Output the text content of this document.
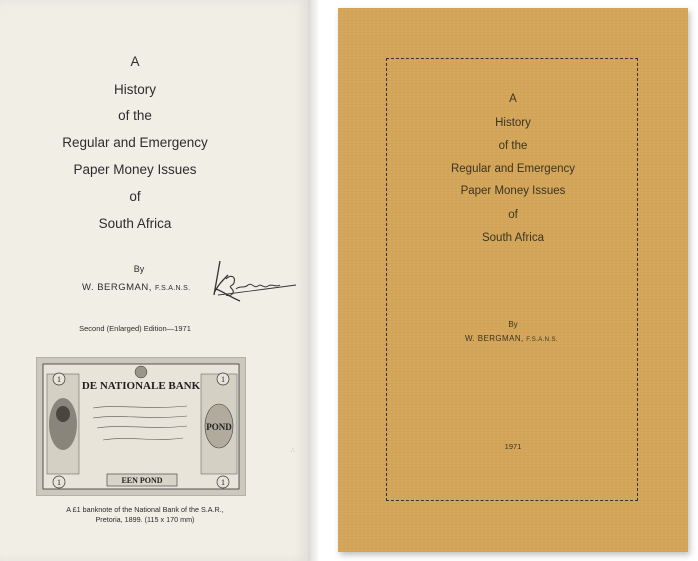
A
History
of the
Regular and Emergency
Paper Money Issues
of
South Africa
By
W. BERGMAN, F.S.A.N.S.
Second (Enlarged) Edition—1971
1	1
1	1
DE NATIONALE BANK
POND
EEN POND
A £1 banknote of the National Bank of the S.A.R.,
Pretoria, 1899. (115 x 170 mm)
A
History
of the
Regular and Emergency
Paper Money Issues
of
South Africa
By
W. BERGMAN, F.S.A.N.S.
1971
∴
